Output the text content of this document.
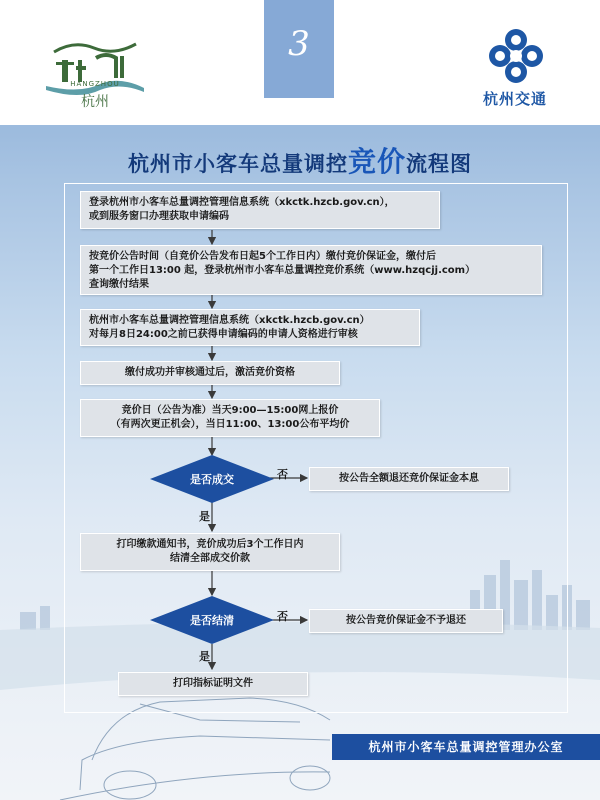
3
HANGZHOU
杭州	杭州交通
杭州市小客车总量调控竞价流程图
登录杭州市小客车总量调控管理信息系统（xkctk.hzcb.gov.cn），
或到服务窗口办理获取申请编码
按竞价公告时间（自竞价公告发布日起5个工作日内）缴付竞价保证金，缴付后
第一个工作日13:00 起，登录杭州市小客车总量调控竞价系统（www.hzqcjj.com）
查询缴付结果
杭州市小客车总量调控管理信息系统（xkctk.hzcb.gov.cn）
对每月8日24:00之前已获得申请编码的申请人资格进行审核
缴付成功并审核通过后，激活竞价资格
竞价日（公告为准）当天9:00—15:00网上报价
（有两次更正机会），当日11:00、13:00公布平均价
是否成交	否
是
按公告全额退还竞价保证金本息
打印缴款通知书，竞价成功后3个工作日内
结清全部成交价款
是否结清	否
是
按公告竞价保证金不予退还
打印指标证明文件
杭州市小客车总量调控管理办公室
